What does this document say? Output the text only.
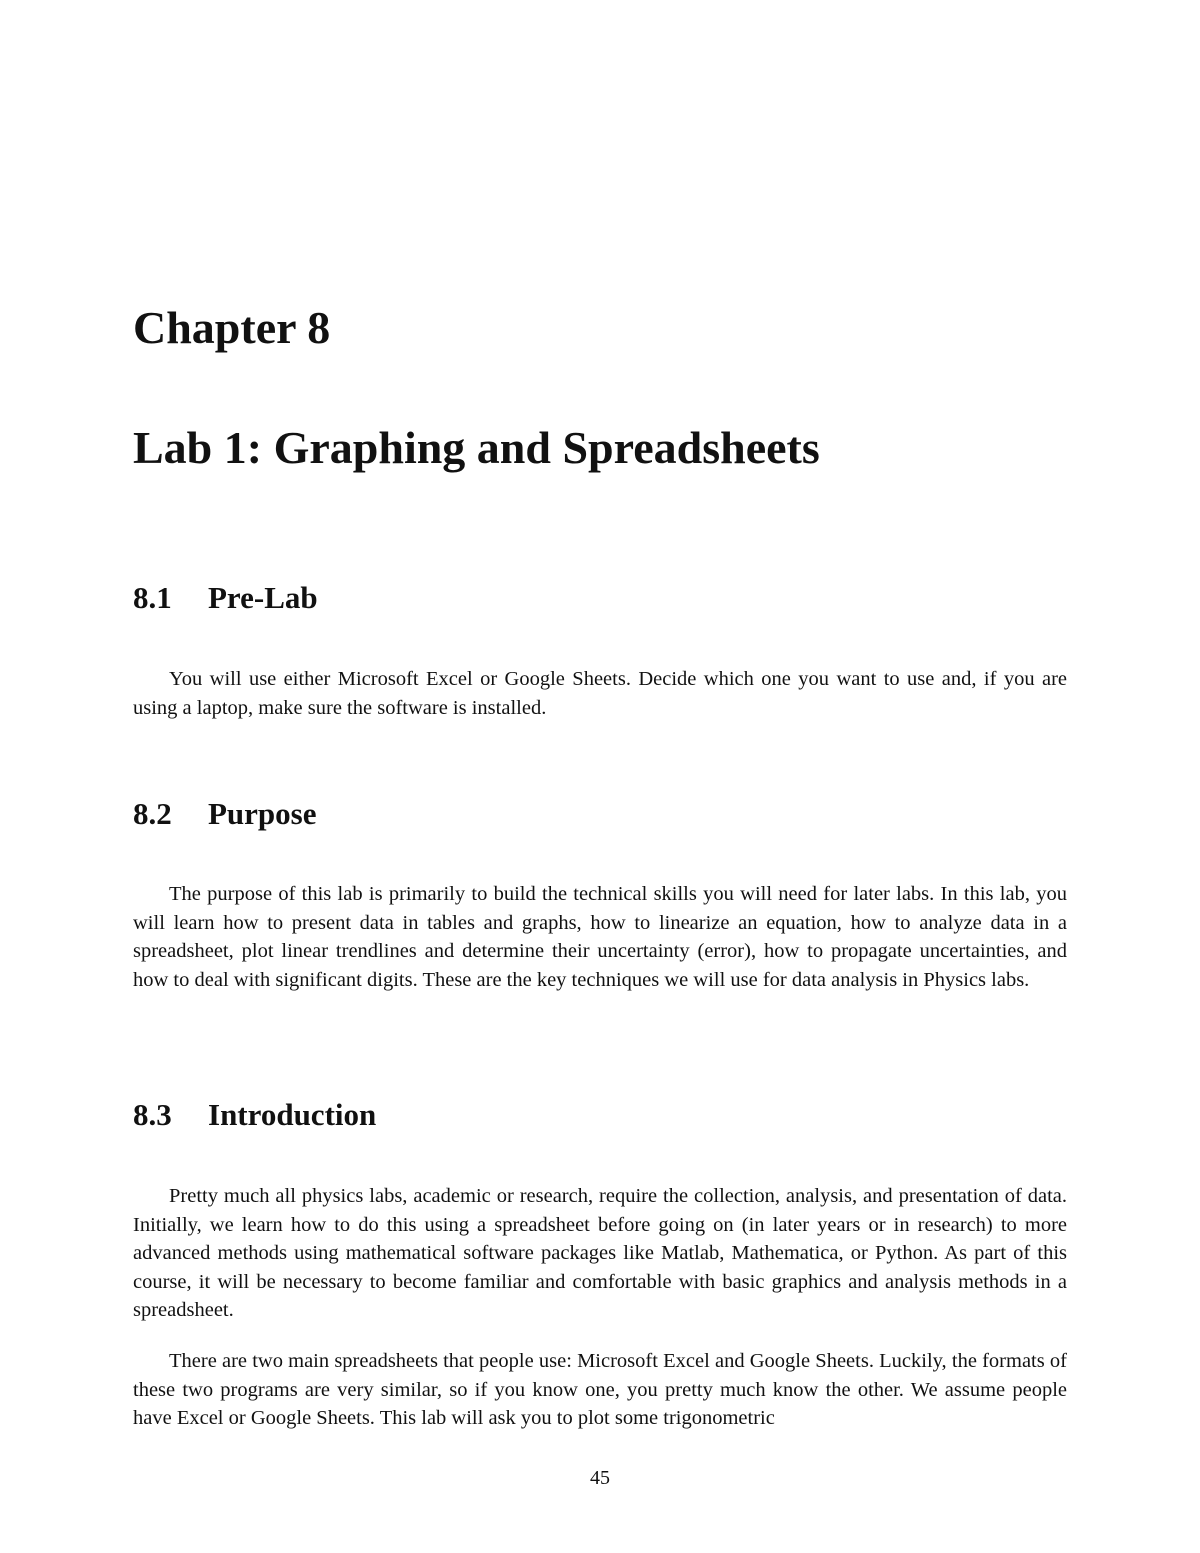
Chapter 8
Lab 1: Graphing and Spreadsheets
8.1 Pre-Lab

You will use either Microsoft Excel or Google Sheets. Decide which one you want to use and, if you are using a laptop, make sure the software is installed.

8.2 Purpose

The purpose of this lab is primarily to build the technical skills you will need for later labs. In this lab, you will learn how to present data in tables and graphs, how to linearize an equation, how to analyze data in a spreadsheet, plot linear trendlines and determine their uncertainty (error), how to propagate uncertainties, and how to deal with significant digits. These are the key techniques we will use for data analysis in Physics labs.

8.3 Introduction

Pretty much all physics labs, academic or research, require the collection, analysis, and presentation of data. Initially, we learn how to do this using a spreadsheet before going on (in later years or in research) to more advanced methods using mathematical software packages like Matlab, Mathematica, or Python. As part of this course, it will be necessary to become familiar and comfortable with basic graphics and analysis methods in a spreadsheet.

There are two main spreadsheets that people use: Microsoft Excel and Google Sheets. Luckily, the formats of these two programs are very similar, so if you know one, you pretty much know the other. We assume people have Excel or Google Sheets. This lab will ask you to plot some trigonometric

45
